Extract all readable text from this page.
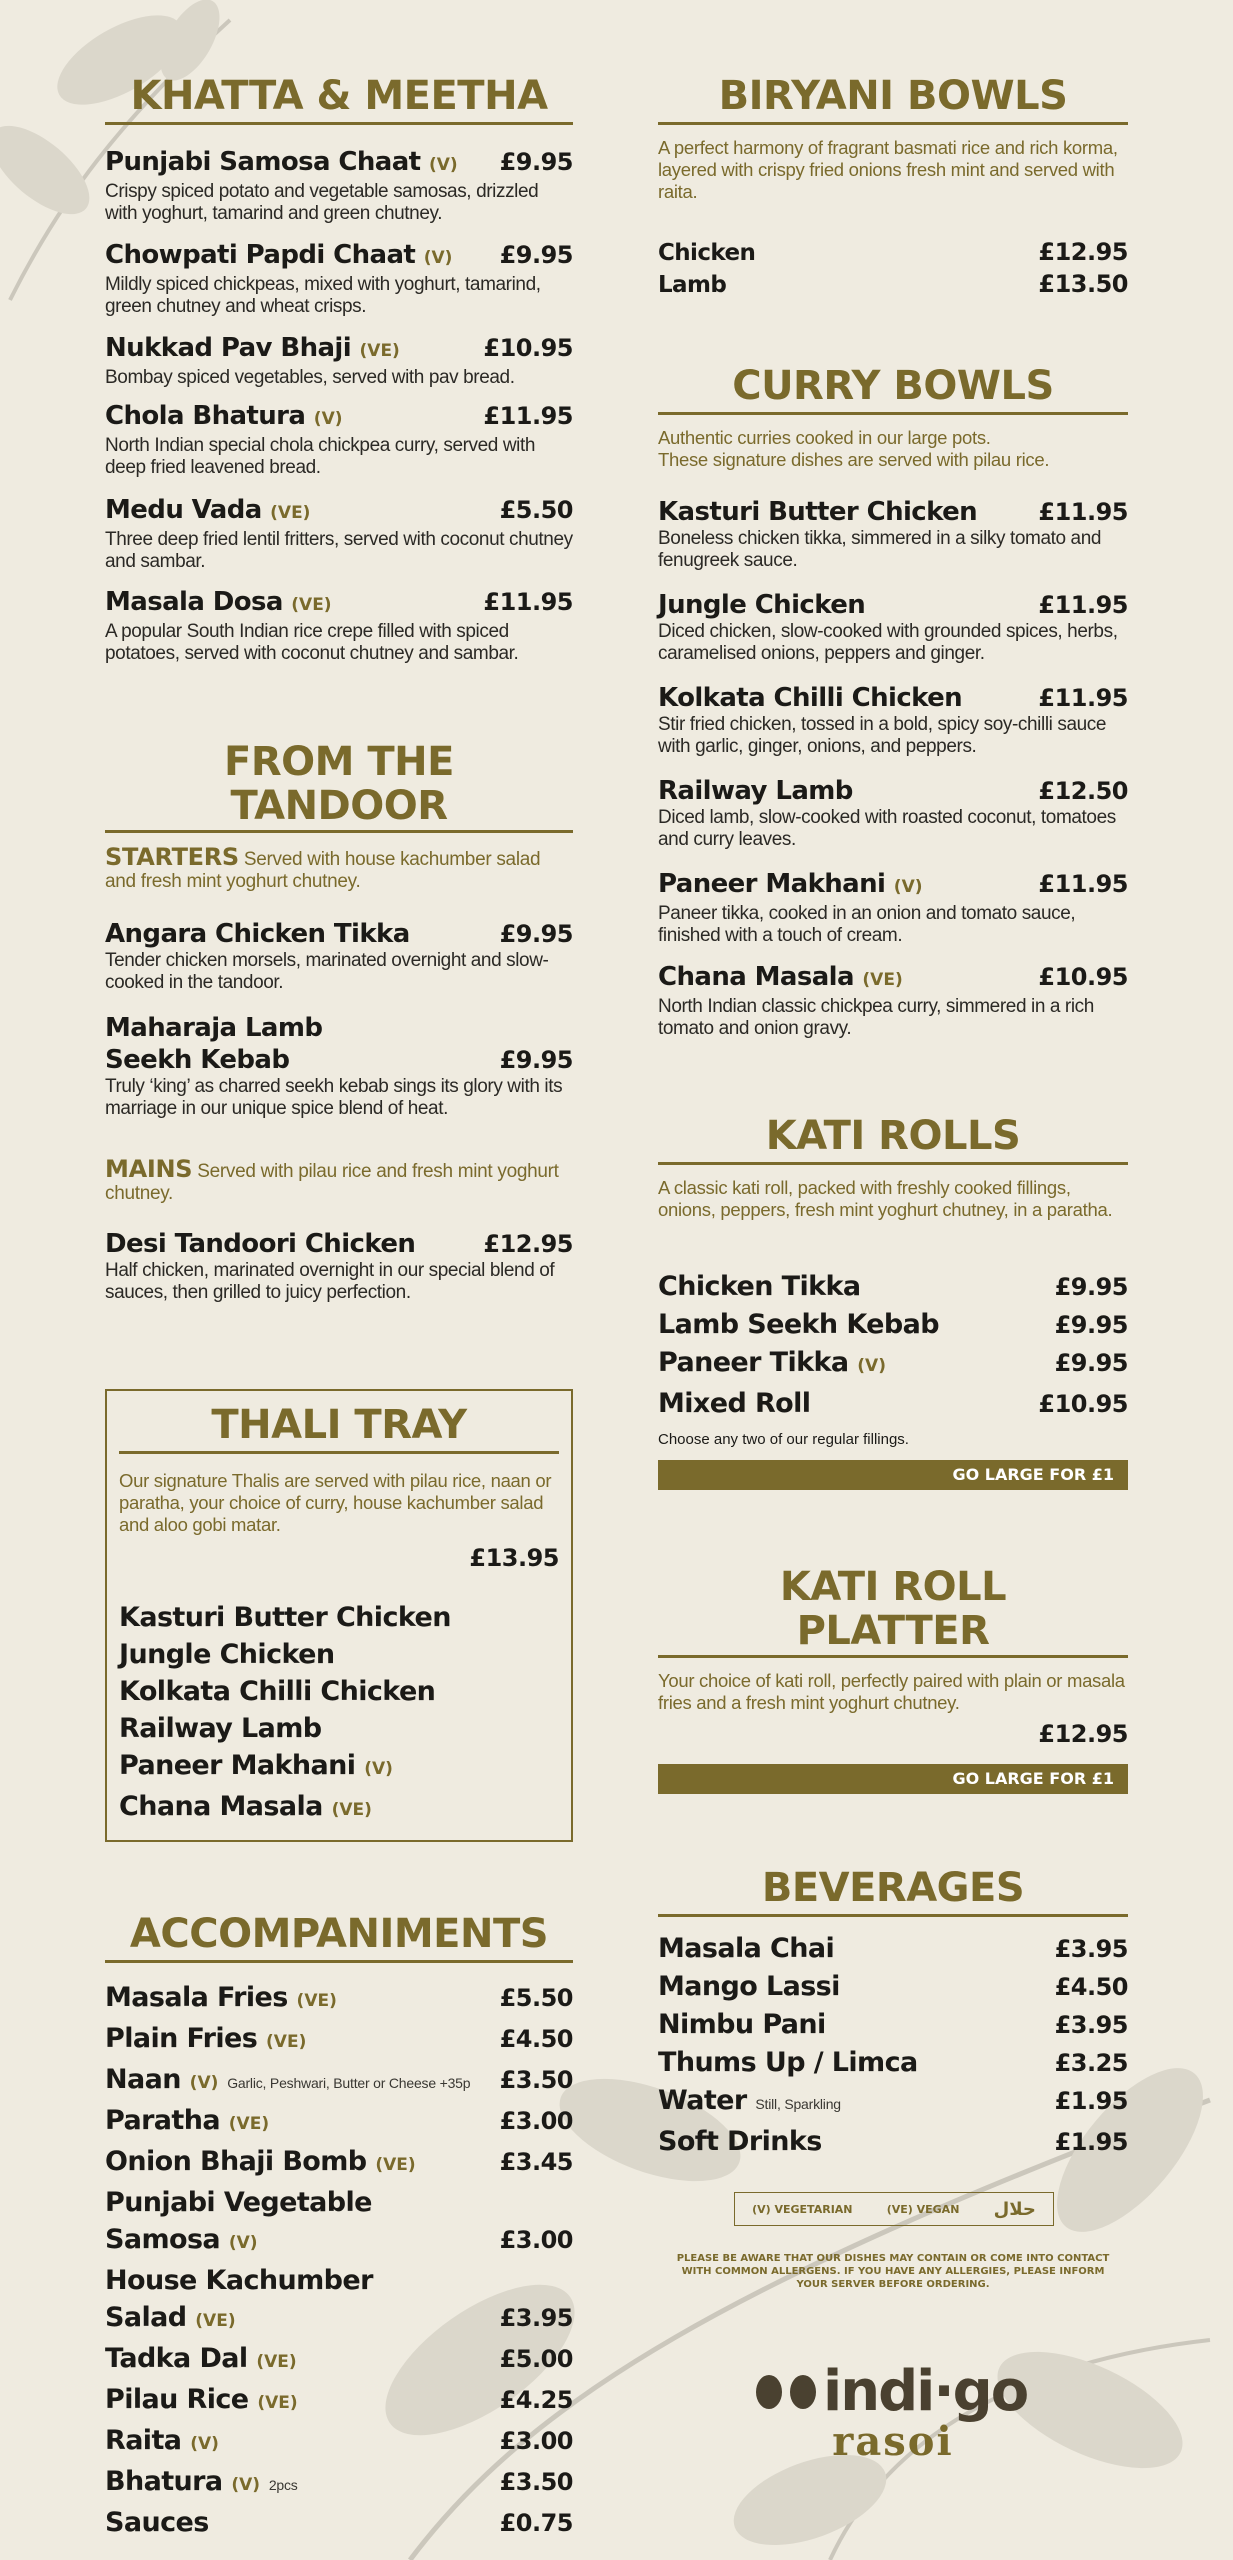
KHATTA & MEETHA
Punjabi Samosa Chaat (V)	£9.95
Crispy spiced potato and vegetable samosas, drizzled with yoghurt, tamarind and green chutney.
Chowpati Papdi Chaat (V)	£9.95
Mildly spiced chickpeas, mixed with yoghurt, tamarind, green chutney and wheat crisps.
Nukkad Pav Bhaji (VE)	£10.95
Bombay spiced vegetables, served with pav bread.
Chola Bhatura (V)	£11.95
North Indian special chola chickpea curry, served with deep fried leavened bread.
Medu Vada (VE)	£5.50
Three deep fried lentil fritters, served with coconut chutney and sambar.
Masala Dosa (VE)	£11.95
A popular South Indian rice crepe filled with spiced potatoes, served with coconut chutney and sambar.
FROM THE
TANDOOR
STARTERS Served with house kachumber salad and fresh mint yoghurt chutney.
Angara Chicken Tikka	£9.95
Tender chicken morsels, marinated overnight and slow-cooked in the tandoor.
Maharaja Lamb
Seekh Kebab	£9.95
Truly ‘king’ as charred seekh kebab sings its glory with its marriage in our unique spice blend of heat.
MAINS Served with pilau rice and fresh mint yoghurt chutney.
Desi Tandoori Chicken	£12.95
Half chicken, marinated overnight in our special blend of sauces, then grilled to juicy perfection.
THALI TRAY
Our signature Thalis are served with pilau rice, naan or paratha, your choice of curry, house kachumber salad and aloo gobi matar.
£13.95
Kasturi Butter Chicken
Jungle Chicken
Kolkata Chilli Chicken
Railway Lamb
Paneer Makhani (V)
Chana Masala (VE)
ACCOMPANIMENTS
Masala Fries (VE)	£5.50
Plain Fries (VE)	£4.50
Naan (V) Garlic, Peshwari, Butter or Cheese +35p £3.50
Paratha (VE)	£3.00
Onion Bhaji Bomb (VE)	£3.45
Punjabi Vegetable
Samosa (V)	£3.00
House Kachumber
Salad (VE)	£3.95
Tadka Dal (VE)	£5.00
Pilau Rice (VE)	£4.25
Raita (V)	£3.00
Bhatura (V) 2pcs	£3.50
Sauces	£0.75
BIRYANI BOWLS
A perfect harmony of fragrant basmati rice and rich korma, layered with crispy fried onions fresh mint and served with raita.
Chicken	£12.95
Lamb	£13.50
CURRY BOWLS
Authentic curries cooked in our large pots.
These signature dishes are served with pilau rice.
Kasturi Butter Chicken	£11.95
Boneless chicken tikka, simmered in a silky tomato and fenugreek sauce.
Jungle Chicken	£11.95
Diced chicken, slow-cooked with grounded spices, herbs, caramelised onions, peppers and ginger.
Kolkata Chilli Chicken	£11.95
Stir fried chicken, tossed in a bold, spicy soy-chilli sauce with garlic, ginger, onions, and peppers.
Railway Lamb	£12.50
Diced lamb, slow-cooked with roasted coconut, tomatoes and curry leaves.
Paneer Makhani (V)	£11.95
Paneer tikka, cooked in an onion and tomato sauce, finished with a touch of cream.
Chana Masala (VE)	£10.95
North Indian classic chickpea curry, simmered in a rich tomato and onion gravy.
KATI ROLLS
A classic kati roll, packed with freshly cooked fillings, onions, peppers, fresh mint yoghurt chutney, in a paratha.
Chicken Tikka	£9.95
Lamb Seekh Kebab	£9.95
Paneer Tikka (V)	£9.95
Mixed Roll	£10.95
Choose any two of our regular fillings.
GO LARGE FOR £1
KATI ROLL
PLATTER
Your choice of kati roll, perfectly paired with plain or masala fries and a fresh mint yoghurt chutney.
£12.95
GO LARGE FOR £1
BEVERAGES
Masala Chai	£3.95
Mango Lassi	£4.50
Nimbu Pani	£3.95
Thums Up / Limca	£3.25
Water Still, Sparkling	£1.95
Soft Drinks	£1.95
(V) VEGETARIAN	(VE) VEGAN حلال
PLEASE BE AWARE THAT OUR DISHES MAY CONTAIN OR COME INTO CONTACT WITH COMMON ALLERGENS. IF YOU HAVE ANY ALLERGIES, PLEASE INFORM YOUR SERVER BEFORE ORDERING.
indi·go
rasoi
